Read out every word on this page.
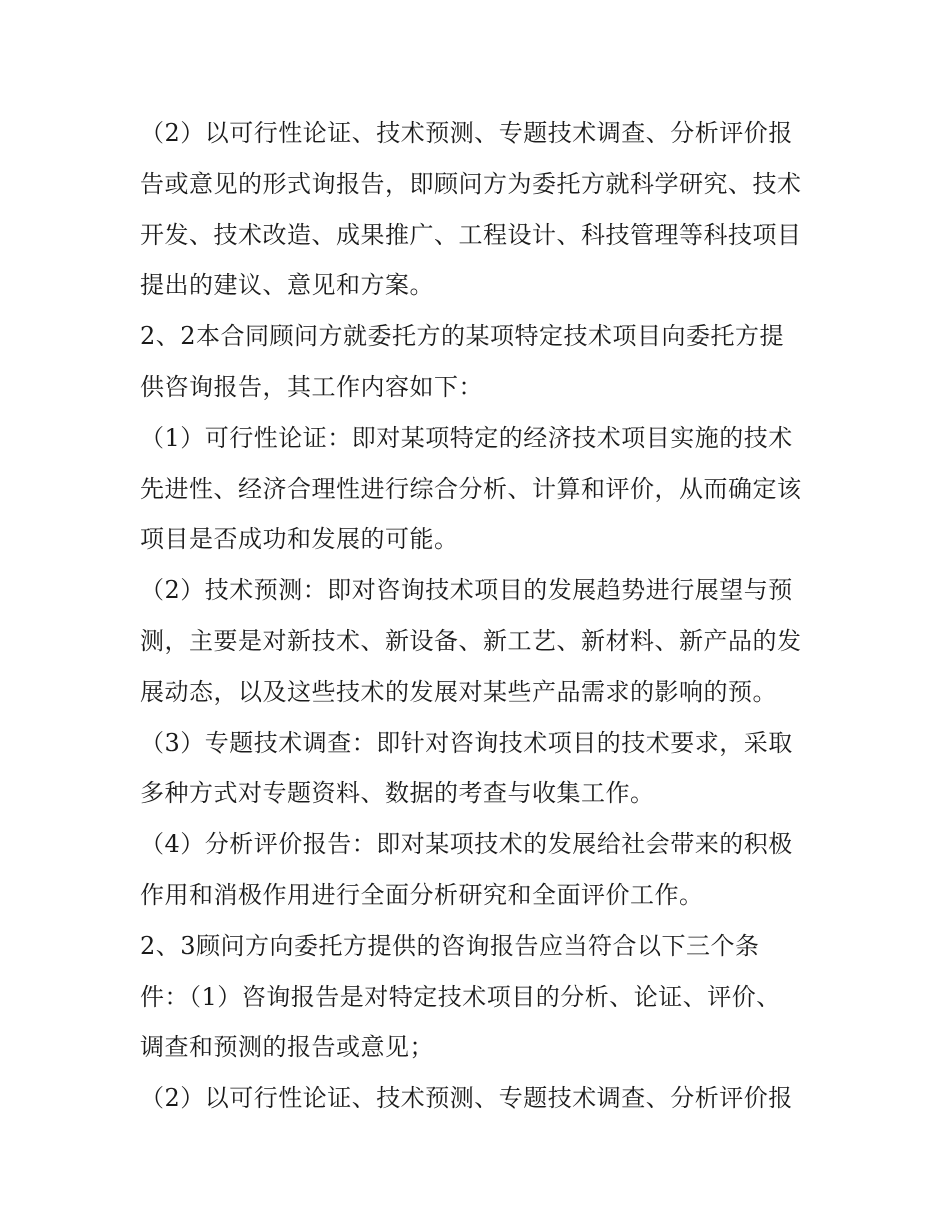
（2）以可行性论证、技术预测、专题技术调查、分析评价报
告或意见的形式询报告，即顾问方为委托方就科学研究、技术
开发、技术改造、成果推广、工程设计、科技管理等科技项目
提出的建议、意见和方案。
2、2本合同顾问方就委托方的某项特定技术项目向委托方提
供咨询报告，其工作内容如下：
（1）可行性论证：即对某项特定的经济技术项目实施的技术
先进性、经济合理性进行综合分析、计算和评价，从而确定该
项目是否成功和发展的可能。
（2）技术预测：即对咨询技术项目的发展趋势进行展望与预
测，主要是对新技术、新设备、新工艺、新材料、新产品的发
展动态，以及这些技术的发展对某些产品需求的影响的预。
（3）专题技术调查：即针对咨询技术项目的技术要求，采取
多种方式对专题资料、数据的考查与收集工作。
（4）分析评价报告：即对某项技术的发展给社会带来的积极
作用和消极作用进行全面分析研究和全面评价工作。
2、3顾问方向委托方提供的咨询报告应当符合以下三个条
件：（1）咨询报告是对特定技术项目的分析、论证、评价、
调查和预测的报告或意见；
（2）以可行性论证、技术预测、专题技术调查、分析评价报
